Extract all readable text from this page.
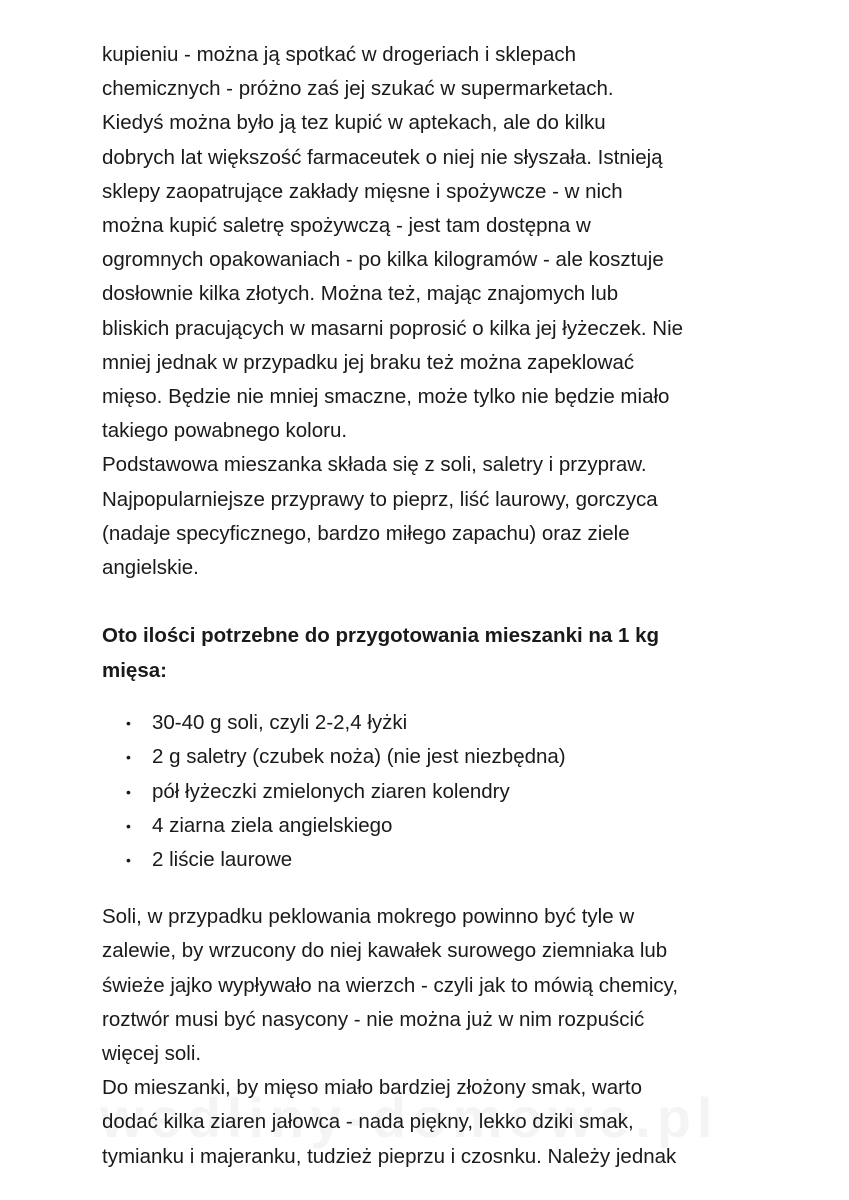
kupieniu - można ją spotkać w drogeriach i sklepach
chemicznych - próżno zaś jej szukać w supermarketach.
Kiedyś można było ją tez kupić w aptekach, ale do kilku
dobrych lat większość farmaceutek o niej nie słyszała. Istnieją
sklepy zaopatrujące zakłady mięsne i spożywcze - w nich
można kupić saletrę spożywczą - jest tam dostępna w
ogromnych opakowaniach - po kilka kilogramów - ale kosztuje
dosłownie kilka złotych. Można też, mając znajomych lub
bliskich pracujących w masarni poprosić o kilka jej łyżeczek. Nie
mniej jednak w przypadku jej braku też można zapeklować
mięso. Będzie nie mniej smaczne, może tylko nie będzie miało
takiego powabnego koloru.
Podstawowa mieszanka składa się z soli, saletry i przypraw.
Najpopularniejsze przyprawy to pieprz, liść laurowy, gorczyca
(nadaje specyficznego, bardzo miłego zapachu) oraz ziele
angielskie.
Oto ilości potrzebne do przygotowania mieszanki na 1 kg
mięsa:
• 30-40 g soli, czyli 2-2,4 łyżki
• 2 g saletry (czubek noża) (nie jest niezbędna)
• pół łyżeczki zmielonych ziaren kolendry
• 4 ziarna ziela angielskiego
• 2 liście laurowe
Soli, w przypadku peklowania mokrego powinno być tyle w
zalewie, by wrzucony do niej kawałek surowego ziemniaka lub
świeże jajko wypływało na wierzch - czyli jak to mówią chemicy,
roztwór musi być nasycony - nie można już w nim rozpuścić
więcej soli.
Do mieszanki, by mięso miało bardziej złożony smak, warto
dodać kilka ziaren jałowca - nada piękny, lekko dziki smak,
tymianku i majeranku, tudzież pieprzu i czosnku. Należy jednak
